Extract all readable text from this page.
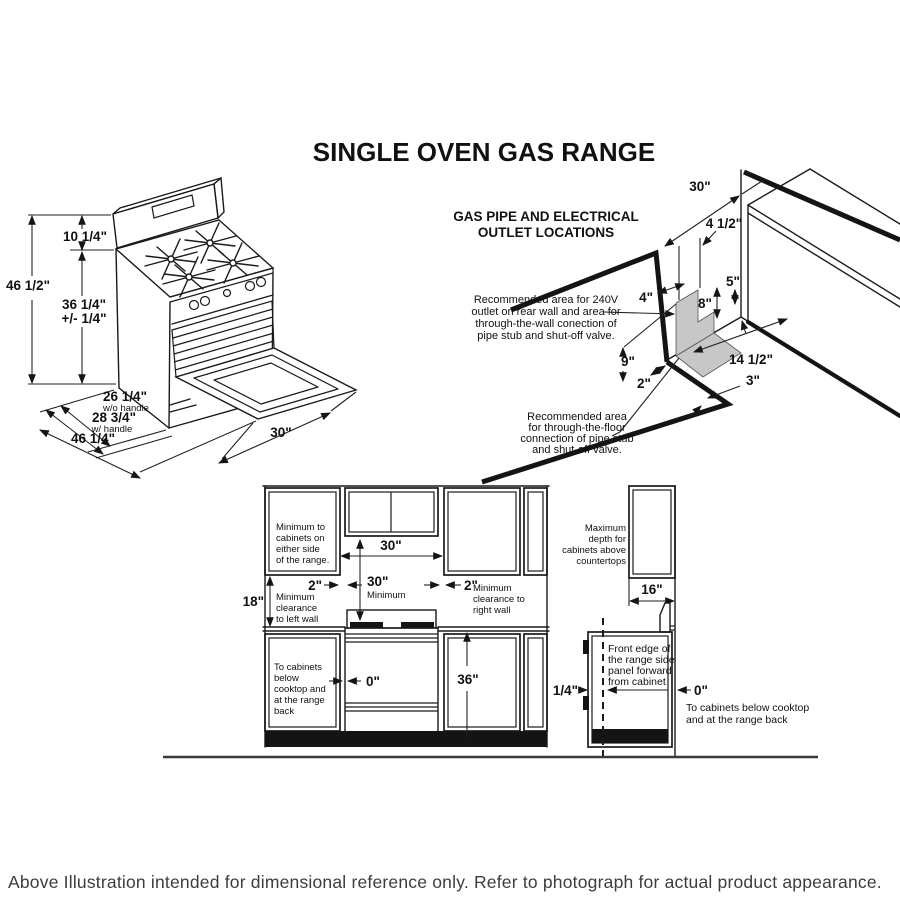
SINGLE OVEN GAS RANGE
10 1/4"
46 1/2"
36 1/4"
+/- 1/4"
26 1/4"
w/o handle
28 3/4"
w/ handle
46 1/4"	30"
GAS PIPE AND ELECTRICAL
OUTLET LOCATIONS
30"
4 1/2"
5"
4"	8"
9"
2"
14 1/2"
3"
Recommended area for 240V
outlet on rear wall and area for
through-the-wall conection of
pipe stub and shut-off valve.
Recommended area
for through-the-floor
connection of pipe stub
and shut-off valve.
30"
30"
Minimum
2"	2"
18"
0"	36"
Minimum to
cabinets on
either side
of the range.
Minimum
clearance
to left wall
Minimum
clearance to
right wall
To cabinets
below
cooktop and
at the range
back
Maximum
depth for
cabinets above
countertops
16"
Front edge of
the range side
panel forward
from cabinet
1/4"	0"
To cabinets below cooktop
and at the range back
Above Illustration intended for dimensional reference only. Refer to photograph for actual product appearance.
